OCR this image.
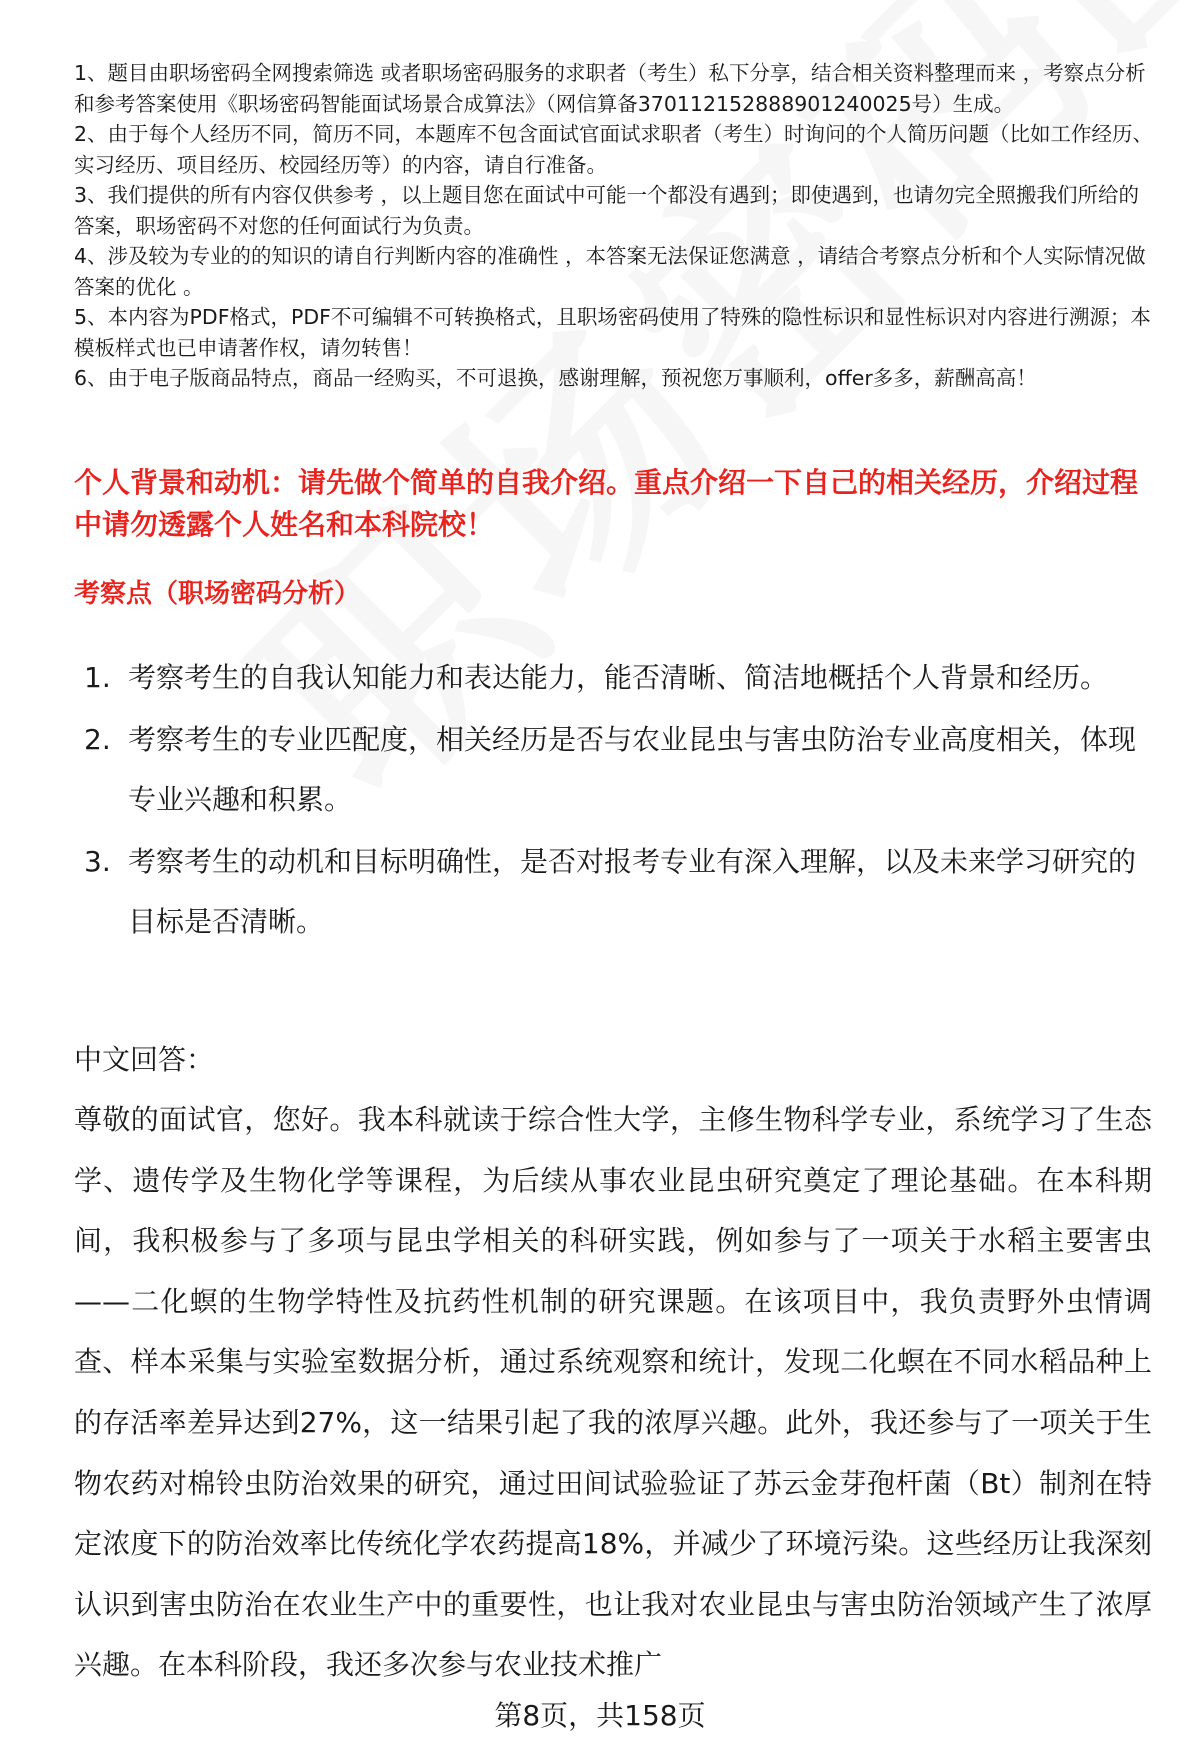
1、题目由职场密码全网搜索筛选 或者职场密码服务的求职者（考生）私下分享，结合相关资料整理而来 ，考察点分析和参考答案使用《职场密码智能面试场景合成算法》（网信算备370112152888901240025号）生成。

2、由于每个人经历不同，简历不同，本题库不包含面试官面试求职者（考生）时询问的个人简历问题（比如工作经历、实习经历、项目经历、校园经历等）的内容，请自行准备。

3、我们提供的所有内容仅供参考 ，以上题目您在面试中可能一个都没有遇到；即使遇到，也请勿完全照搬我们所给的答案，职场密码不对您的任何面试行为负责。

4、涉及较为专业的的知识的请自行判断内容的准确性 ，本答案无法保证您满意 ，请结合考察点分析和个人实际情况做答案的优化 。

5、本内容为PDF格式，PDF不可编辑不可转换格式，且职场密码使用了特殊的隐性标识和显性标识对内容进行溯源；本模板样式也已申请著作权，请勿转售！

6、由于电子版商品特点，商品一经购买，不可退换，感谢理解，预祝您万事顺利，offer多多，薪酬高高！

个人背景和动机：请先做个简单的自我介绍。重点介绍一下自己的相关经历，介绍过程中请勿透露个人姓名和本科院校！

考察点（职场密码分析）

1. 考察考生的自我认知能力和表达能力，能否清晰、简洁地概括个人背景和经历。
2. 考察考生的专业匹配度，相关经历是否与农业昆虫与害虫防治专业高度相关，体现专业兴趣和积累。
3. 考察考生的动机和目标明确性，是否对报考专业有深入理解，以及未来学习研究的目标是否清晰。

中文回答：

尊敬的面试官，您好。我本科就读于综合性大学，主修生物科学专业，系统学习了生态学、遗传学及生物化学等课程，为后续从事农业昆虫研究奠定了理论基础。在本科期间，我积极参与了多项与昆虫学相关的科研实践，例如参与了一项关于水稻主要害虫——二化螟的生物学特性及抗药性机制的研究课题。在该项目中，我负责野外虫情调查、样本采集与实验室数据分析，通过系统观察和统计，发现二化螟在不同水稻品种上的存活率差异达到27%，这一结果引起了我的浓厚兴趣。此外，我还参与了一项关于生物农药对棉铃虫防治效果的研究，通过田间试验验证了苏云金芽孢杆菌（Bt）制剂在特定浓度下的防治效率比传统化学农药提高18%，并减少了环境污染。这些经历让我深刻认识到害虫防治在农业生产中的重要性，也让我对农业昆虫与害虫防治领域产生了浓厚兴趣。在本科阶段，我还多次参与农业技术推广

第8页，共158页
